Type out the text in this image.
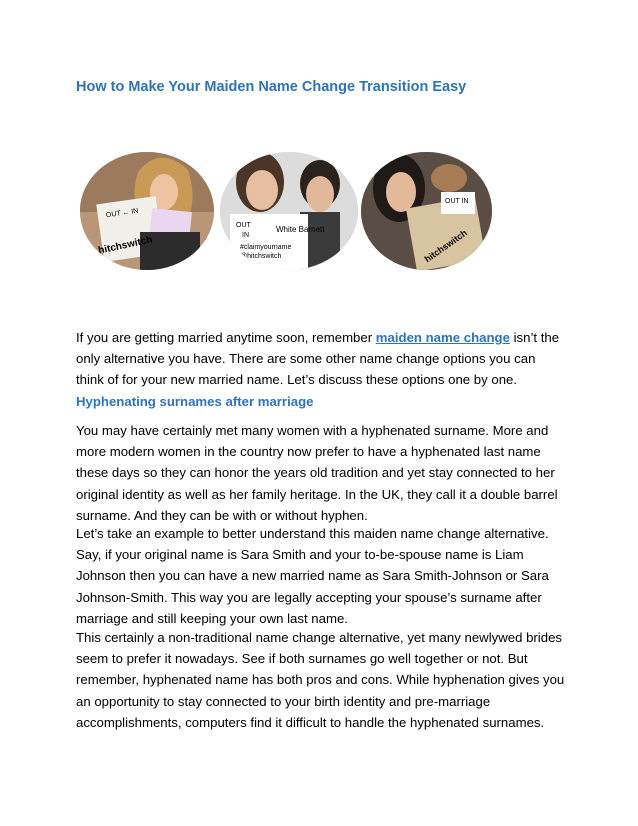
How to Make Your Maiden Name Change Transition Easy
hitchswitch
OUT ← IN
OUT
IN
White Barnett
#claimyourname
@hitchswitch	hitchswitch
OUT IN
If you are getting married anytime soon, remember maiden name change isn’t the only alternative you have. There are some other name change options you can think of for your new married name. Let’s discuss these options one by one.
Hyphenating surnames after marriage
You may have certainly met many women with a hyphenated surname. More and more modern women in the country now prefer to have a hyphenated last name these days so they can honor the years old tradition and yet stay connected to her original identity as well as her family heritage. In the UK, they call it a double barrel surname. And they can be with or without hyphen.
Let’s take an example to better understand this maiden name change alternative. Say, if your original name is Sara Smith and your to-be-spouse name is Liam Johnson then you can have a new married name as Sara Smith-Johnson or Sara Johnson-Smith. This way you are legally accepting your spouse’s surname after marriage and still keeping your own last name.
This certainly a non-traditional name change alternative, yet many newlywed brides seem to prefer it nowadays. See if both surnames go well together or not. But remember, hyphenated name has both pros and cons. While hyphenation gives you an opportunity to stay connected to your birth identity and pre-marriage accomplishments, computers find it difficult to handle the hyphenated surnames.
